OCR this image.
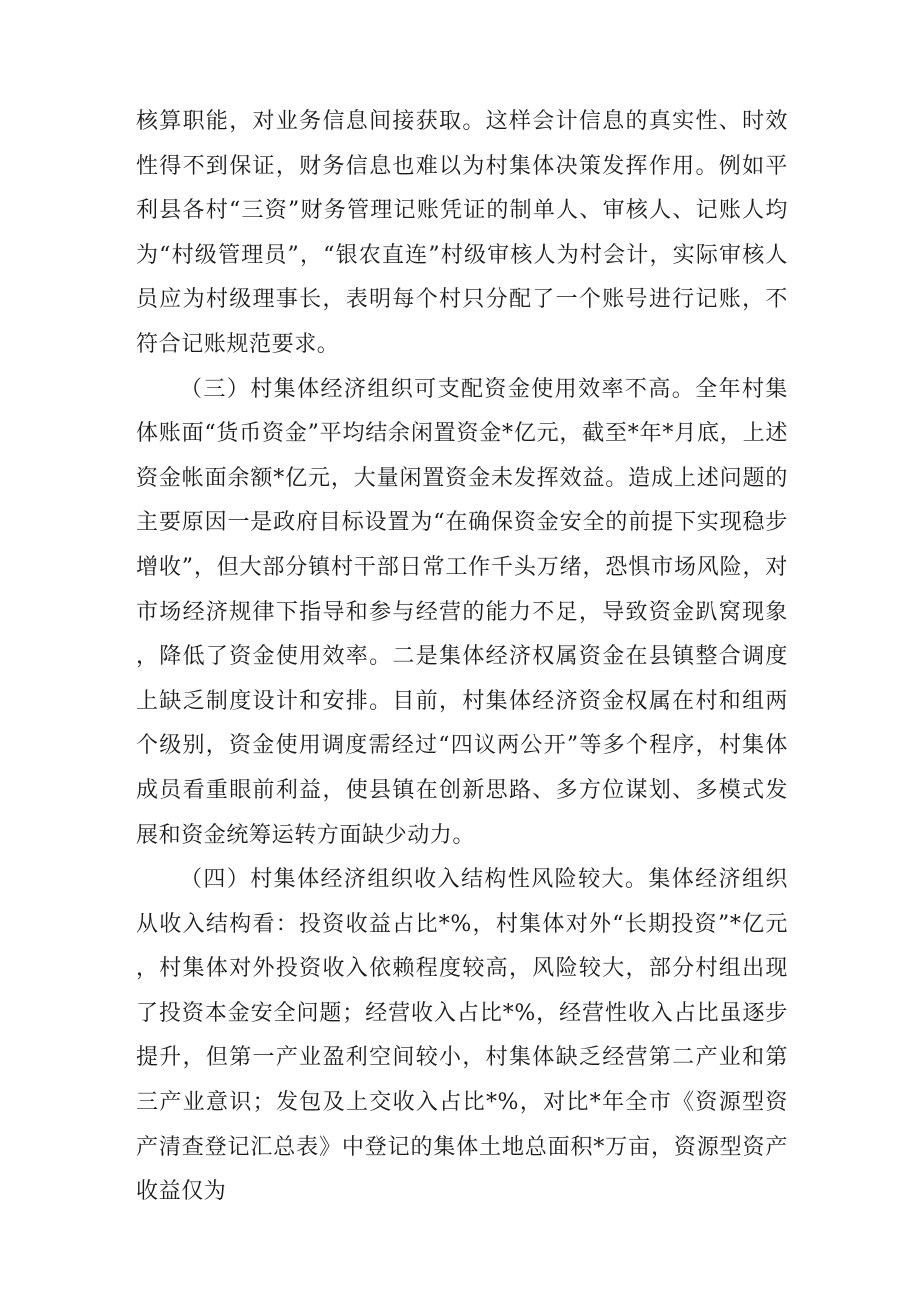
核算职能，对业务信息间接获取。这样会计信息的真实性、时效性得不到保证，财务信息也难以为村集体决策发挥作用。例如平利县各村“三资”财务管理记账凭证的制单人、审核人、记账人均为“村级管理员”，“银农直连”村级审核人为村会计，实际审核人员应为村级理事长，表明每个村只分配了一个账号进行记账，不符合记账规范要求。

（三）村集体经济组织可支配资金使用效率不高。全年村集体账面“货币资金”平均结余闲置资金*亿元，截至*年*月底，上述资金帐面余额*亿元，大量闲置资金未发挥效益。造成上述问题的主要原因一是政府目标设置为“在确保资金安全的前提下实现稳步增收”，但大部分镇村干部日常工作千头万绪，恐惧市场风险，对市场经济规律下指导和参与经营的能力不足，导致资金趴窝现象，降低了资金使用效率。二是集体经济权属资金在县镇整合调度上缺乏制度设计和安排。目前，村集体经济资金权属在村和组两个级别，资金使用调度需经过“四议两公开”等多个程序，村集体成员看重眼前利益，使县镇在创新思路、多方位谋划、多模式发展和资金统筹运转方面缺少动力。

（四）村集体经济组织收入结构性风险较大。集体经济组织从收入结构看：投资收益占比*%，村集体对外“长期投资”*亿元，村集体对外投资收入依赖程度较高，风险较大，部分村组出现了投资本金安全问题；经营收入占比*%，经营性收入占比虽逐步提升，但第一产业盈利空间较小，村集体缺乏经营第二产业和第三产业意识；发包及上交收入占比*%，对比*年全市《资源型资产清查登记汇总表》中登记的集体土地总面积*万亩，资源型资产收益仅为
